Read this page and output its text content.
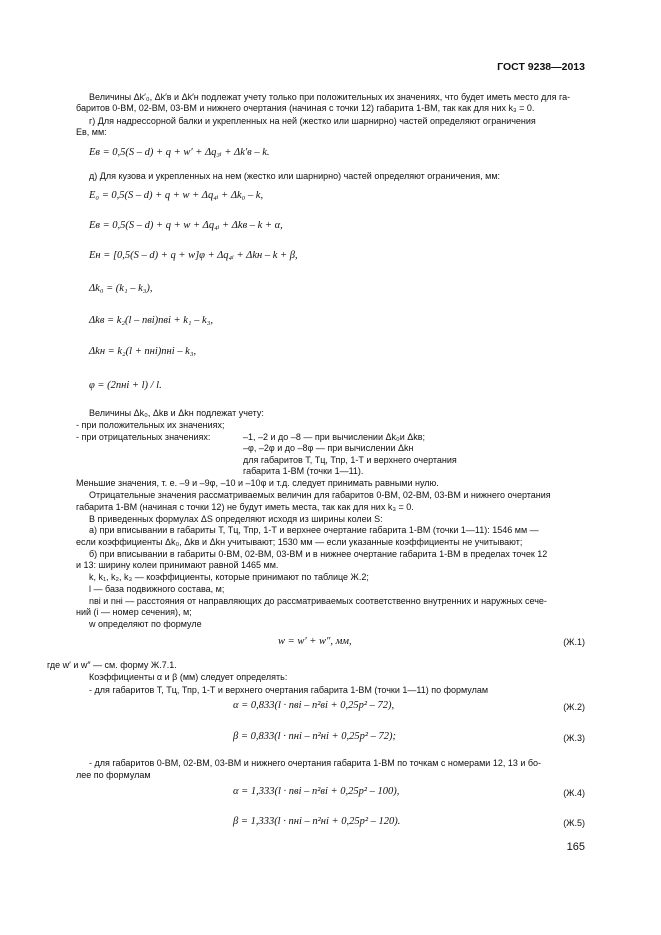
ГОСТ 9238—2013
Величины Δk′₀, Δk′в и Δk′н подлежат учету только при положительных их значениях, что будет иметь место для га-
баритов 0-ВМ, 02-ВМ, 03-ВМ и нижнего очертания (начиная с точки 12) габарита 1-ВМ, так как для них k₃ = 0.
г) Для надрессорной балки и укрепленных на ней (жестко или шарнирно) частей определяют ограничения
Eв, мм:
Eв = 0,5(S – d) + q + w′ + Δq₃ᵢ + Δk′в – k.
д) Для кузова и укрепленных на нем (жестко или шарнирно) частей определяют ограничения, мм:
E₀ = 0,5(S – d) + q + w + Δq₄ᵢ + Δk₀ – k,
Eв = 0,5(S – d) + q + w + Δq₄ᵢ + Δkв – k + α,
Eн = [0,5(S – d) + q + w]φ + Δq₄ᵢ + Δkн – k + β,
Δk₀ = (k₁ – k₃),
Δkв = k₂(l – nвi)nвi + k₁ – k₃,
Δkн = k₂(l + nнi)nнi – k₃,
φ = (2nнi + l) / l.
Величины Δk₀, Δkв и Δkн подлежат учету:
- при положительных их значениях;
- при отрицательных значениях:	–1, –2 и до –8 — при вычислении Δk₀и Δkв;
–φ, –2φ и до –8φ — при вычислении Δkн
для габаритов Т, Тц, Тпр, 1-Т и верхнего очертания
габарита 1-ВМ (точки 1—11).
Меньшие значения, т. е. –9 и –9φ, –10 и –10φ и т.д. следует принимать равными нулю.
Отрицательные значения рассматриваемых величин для габаритов 0-ВМ, 02-ВМ, 03-ВМ и нижнего очертания
габарита 1-ВМ (начиная с точки 12) не будут иметь места, так как для них k₃ = 0.
В приведенных формулах ΔS определяют исходя из ширины колеи S:
а) при вписывании в габариты Т, Тц, Тпр, 1-Т и верхнее очертание габарита 1-ВМ (точки 1—11): 1546 мм —
если коэффициенты Δk₀, Δkв и Δkн учитывают; 1530 мм — если указанные коэффициенты не учитывают;
б) при вписывании в габариты 0-ВМ, 02-ВМ, 03-ВМ и в нижнее очертание габарита 1-ВМ в пределах точек 12
и 13: ширину колеи принимают равной 1465 мм.
k, k₁, k₂, k₃ — коэффициенты, которые принимают по таблице Ж.2;
l — база подвижного состава, м;
nвi и nнi — расстояния от направляющих до рассматриваемых соответственно внутренних и наружных сече-
ний (i — номер сечения), м;
w определяют по формуле
w = w′ + w″, мм,	(Ж.1)
где w′ и w″ — см. форму Ж.7.1.
Коэффициенты α и β (мм) следует определять:
- для габаритов Т, Тц, Тпр, 1-Т и верхнего очертания габарита 1-ВМ (точки 1—11) по формулам
α = 0,833(l · nвi – n²вi + 0,25p² – 72),	(Ж.2)
β = 0,833(l · nнi – n²нi + 0,25p² – 72);	(Ж.3)
- для габаритов 0-ВМ, 02-ВМ, 03-ВМ и нижнего очертания габарита 1-ВМ по точкам с номерами 12, 13 и бо-
лее по формулам
α = 1,333(l · nвi – n²вi + 0,25p² – 100),	(Ж.4)
β = 1,333(l · nнi – n²нi + 0,25p² – 120).	(Ж.5)
165
